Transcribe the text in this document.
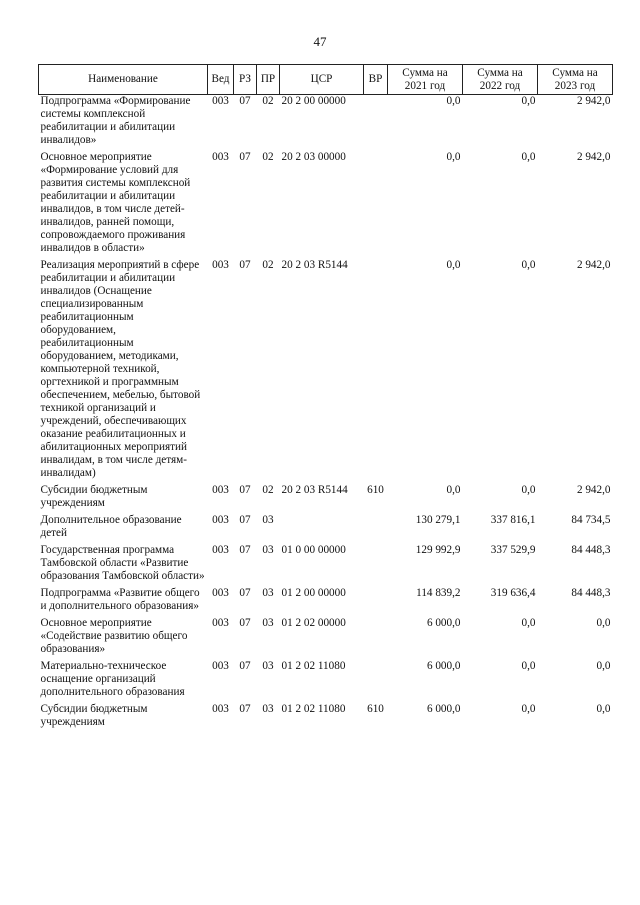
47
Наименование	Вед	РЗ	ПР	ЦСР	ВР	Сумма на 2021 год	Сумма на 2022 год	Сумма на 2023 год
Подпрограмма «Формирование системы комплексной реабилитации и абилитации инвалидов»	003	07	02	20 2 00 00000		0,0	0,0	2 942,0
Основное мероприятие «Формирование условий для развития системы комплексной реабилитации и абилитации инвалидов, в том числе детей-инвалидов, ранней помощи, сопровождаемого проживания инвалидов в области»	003	07	02	20 2 03 00000		0,0	0,0	2 942,0
Реализация мероприятий в сфере реабилитации и абилитации инвалидов (Оснащение специализированным реабилитационным оборудованием, реабилитационным оборудованием, методиками, компьютерной техникой, оргтехникой и программным обеспечением, мебелью, бытовой техникой организаций и учреждений, обеспечивающих оказание реабилитационных и абилитационных мероприятий инвалидам, в том числе детям-инвалидам)	003	07	02	20 2 03 R5144		0,0	0,0	2 942,0
Субсидии бюджетным учреждениям	003	07	02	20 2 03 R5144	610	0,0	0,0	2 942,0
Дополнительное образование детей	003	07	03			130 279,1	337 816,1	84 734,5
Государственная программа Тамбовской области «Развитие образования Тамбовской области»	003	07	03	01 0 00 00000		129 992,9	337 529,9	84 448,3
Подпрограмма «Развитие общего и дополнительного образования»	003	07	03	01 2 00 00000		114 839,2	319 636,4	84 448,3
Основное мероприятие «Содействие развитию общего образования»	003	07	03	01 2 02 00000		6 000,0	0,0	0,0
Материально-техническое оснащение организаций дополнительного образования	003	07	03	01 2 02 11080		6 000,0	0,0	0,0
Субсидии бюджетным учреждениям	003	07	03	01 2 02 11080	610	6 000,0	0,0	0,0
